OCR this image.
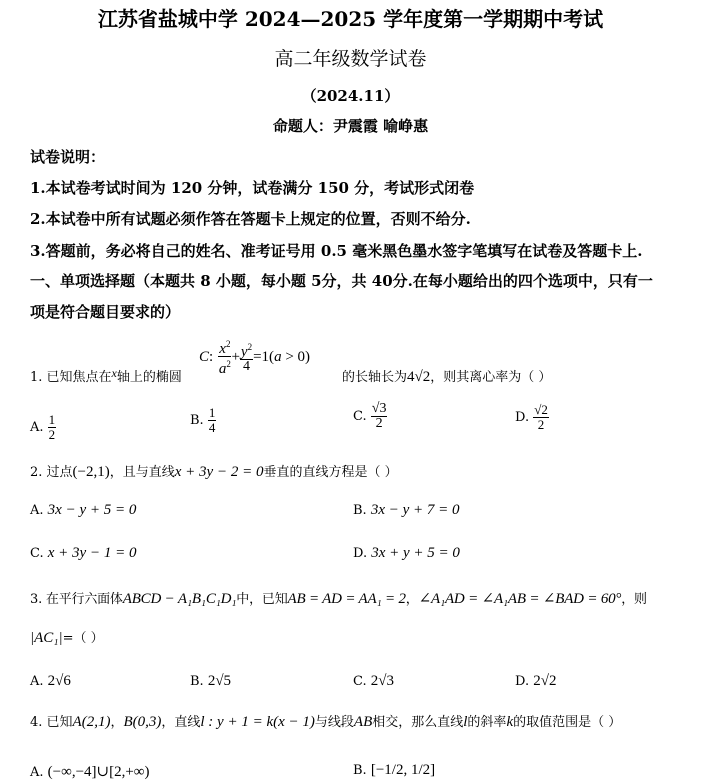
江苏省盐城中学 2024—2025 学年度第一学期期中考试
高二年级数学试卷
（2024.11）
命题人：尹震霞 喻峥惠
试卷说明：
1.本试卷考试时间为 120 分钟，试卷满分 150 分，考试形式闭卷
2.本试卷中所有试题必须作答在答题卡上规定的位置，否则不给分.
3.答题前，务必将自己的姓名、准考证号用 0.5 毫米黑色墨水签字笔填写在试卷及答题卡上.
一、单项选择题（本题共 8 小题，每小题 5分，共 40分.在每小题给出的四个选项中，只有一
项是符合题目要求的）
1. 已知焦点在x轴上的椭圆
C: $\frac{x^2}{a^2} + \frac{y^2}{4} =1(a > 0)$
的长轴长为4√2，则其离心率为（ ）
A. $\frac{1}{2}$	B. $\frac{1}{4}$	C. $\frac{√3}{2}$	D. $\frac{√2}{2}$
2. 过点(−2,1)，且与直线x + 3y − 2 = 0垂直的直线方程是（ ）
A. 3x − y + 5 = 0	B. 3x − y + 7 = 0
C. x + 3y − 1 = 0	D. 3x + y + 5 = 0
3. 在平行六面体ABCD − A₁B₁C₁D₁中，已知AB = AD = AA₁ = 2，∠A₁AD = ∠A₁AB = ∠BAD = 60°，则
|AC₁|=（ ）
A. 2√6	B. 2√5	C. 2√3	D. 2√2
4. 已知A(2,1)，B(0,3)，直线l : y + 1 = k(x − 1)与线段AB相交，那么直线l的斜率k的取值范围是（ ）
A. (−∞,−4]∪[2,+∞)	B. [−1/2, 1/2]
